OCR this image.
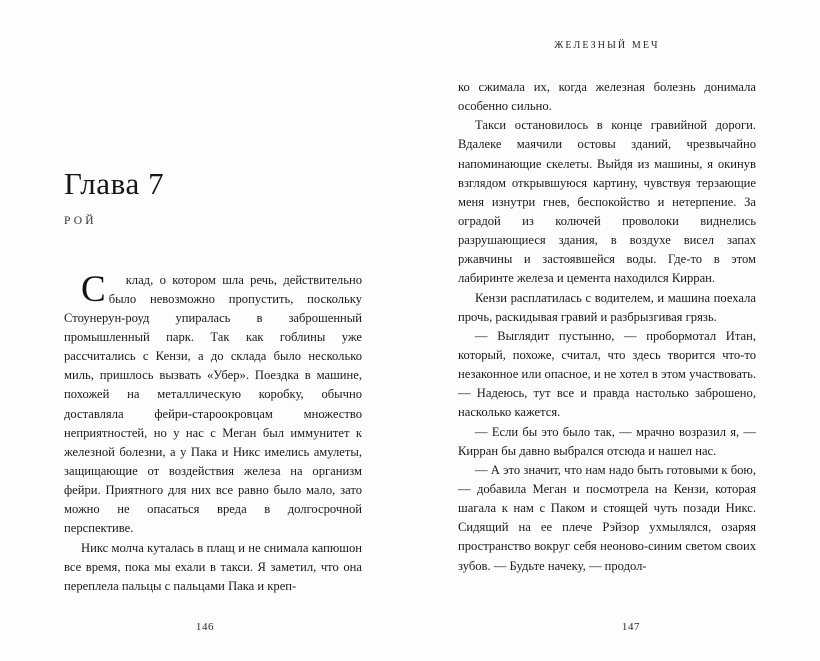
Глава 7
РОЙ

С клад, о котором шла речь, действительно было невозможно пропустить, поскольку Стоунерун-роуд упиралась в заброшенный промышленный парк. Так как гоблины уже рассчитались с Кензи, а до склада было несколько миль, пришлось вызвать «Убер». Поездка в машине, похожей на металлическую коробку, обычно доставляла фейри-староокровцам множество неприятностей, но у нас с Меган был иммунитет к железной болезни, а у Пака и Никс имелись амулеты, защищающие от воздействия железа на организм фейри. Приятного для них все равно было мало, зато можно не опасаться вреда в долгосрочной перспективе.

Никс молча куталась в плащ и не снимала капюшон все время, пока мы ехали в такси. Я заметил, что она переплела пальцы с пальцами Пака и креп-

146
ЖЕЛЕЗНЫЙ МЕЧ

ко сжимала их, когда железная болезнь донимала особенно сильно.

Такси остановилось в конце гравийной дороги. Вдалеке маячили остовы зданий, чрезвычайно напоминающие скелеты. Выйдя из машины, я окинув взглядом открывшуюся картину, чувствуя терзающие меня изнутри гнев, беспокойство и нетерпение. За оградой из колючей проволоки виднелись разрушающиеся здания, в воздухе висел запах ржавчины и застоявшейся воды. Где-то в этом лабиринте железа и цемента находился Кирран.

Кензи расплатилась с водителем, и машина поехала прочь, раскидывая гравий и разбрызгивая грязь.

— Выглядит пустынно, — пробормотал Итан, который, похоже, считал, что здесь творится что-то незаконное или опасное, и не хотел в этом участвовать. — Надеюсь, тут все и правда настолько заброшено, насколько кажется.

— Если бы это было так, — мрачно возразил я, — Кирран бы давно выбрался отсюда и нашел нас.

— А это значит, что нам надо быть готовыми к бою, — добавила Меган и посмотрела на Кензи, которая шагала к нам с Паком и стоящей чуть позади Никс. Сидящий на ее плече Рэйзор ухмылялся, озаряя пространство вокруг себя неоново-синим светом своих зубов. — Будьте начеку, — продол-

147
